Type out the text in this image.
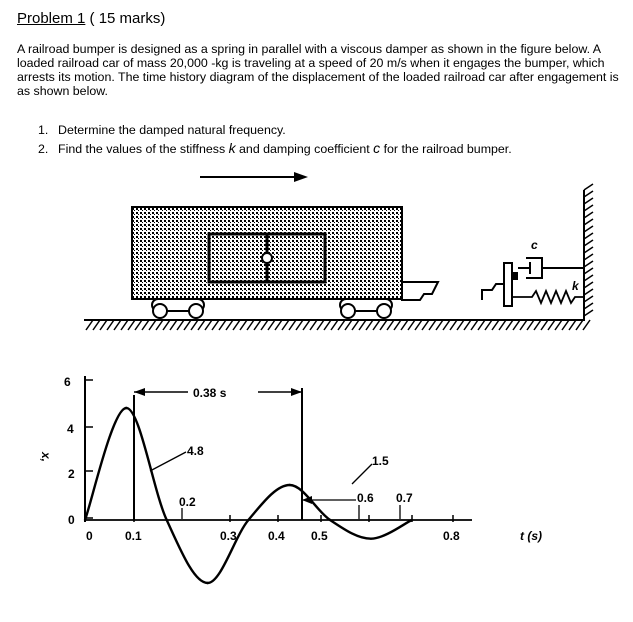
Problem 1 ( 15 marks)
A railroad bumper is designed as a spring in parallel with a viscous damper as shown in the figure below. A loaded railroad car of mass 20,000 -kg is traveling at a speed of 20 m/s when it engages the bumper, which arrests its motion. The time history diagram of the displacement of the loaded railroad car after engagement is as shown below.
1. Determine the damped natural frequency.
2. Find the values of the stiffness k and damping coefficient c for the railroad bumper.
c
k
6
4
2
0
x,
0	0.1	0.3	0.4 0.5	0.8	t (s)
0.38 s
4.8
1.5
0.2	0.6 0.7
